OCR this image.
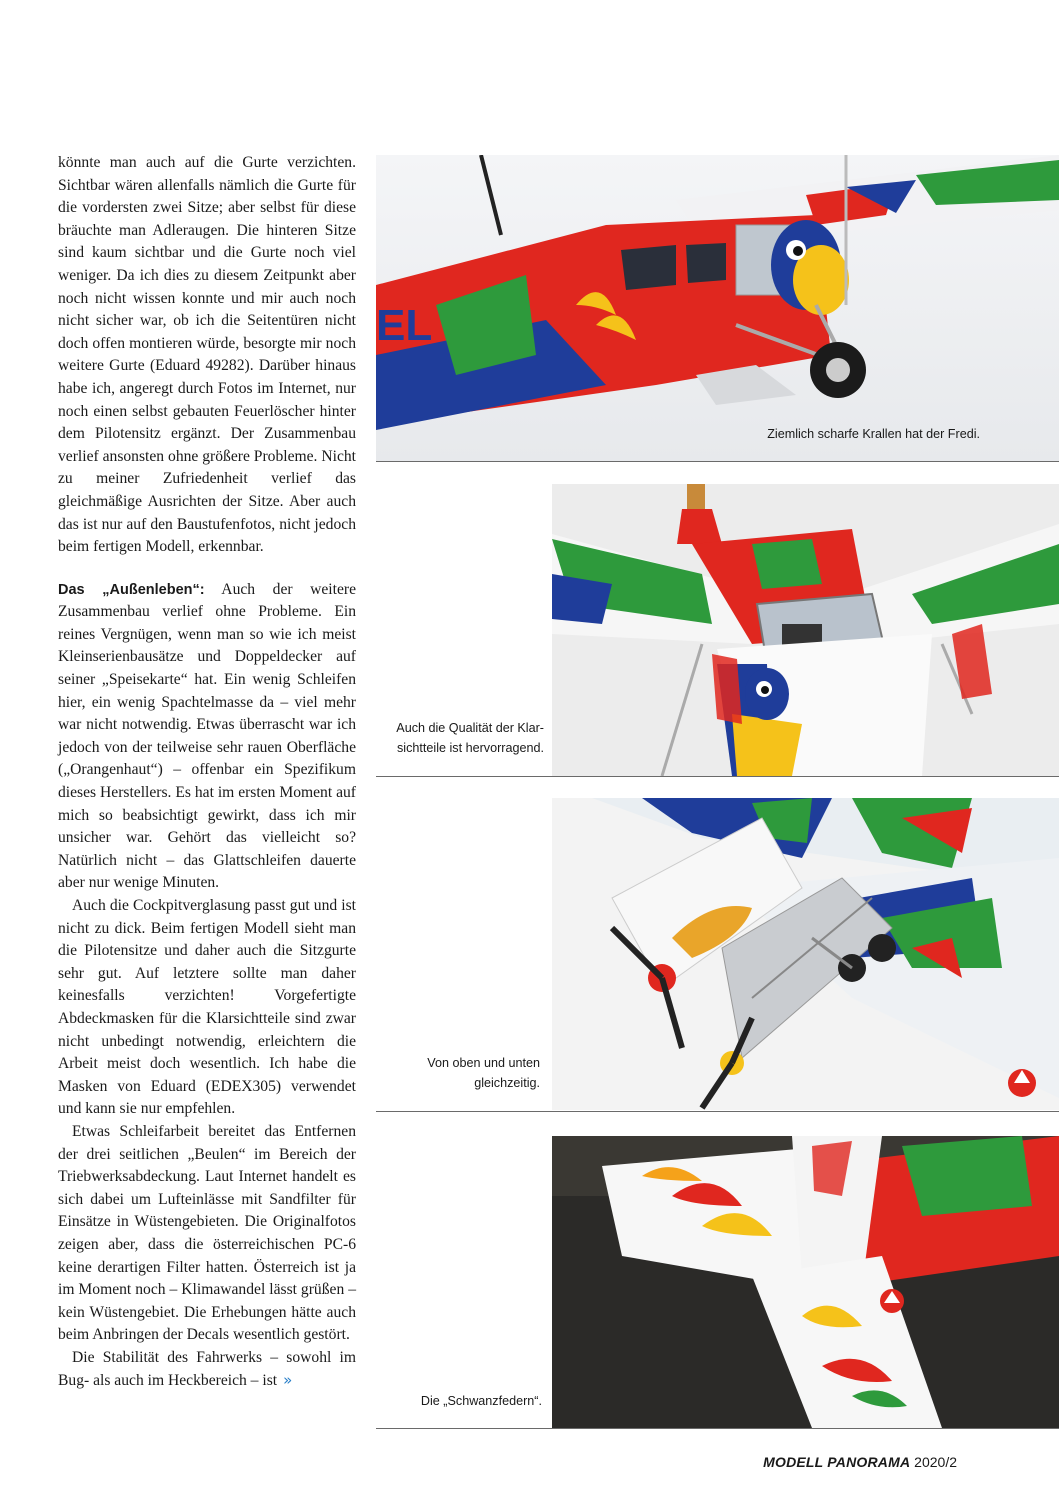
könnte man auch auf die Gurte verzichten. Sichtbar wären allenfalls nämlich die Gurte für die vordersten zwei Sitze; aber selbst für diese bräuchte man Adleraugen. Die hinteren Sitze sind kaum sichtbar und die Gurte noch viel weniger. Da ich dies zu diesem Zeitpunkt aber noch nicht wissen konnte und mir auch noch nicht sicher war, ob ich die Seitentüren nicht doch offen montieren würde, besorgte mir noch weitere Gurte (Eduard 49282). Darüber hinaus habe ich, angeregt durch Fotos im Internet, nur noch einen selbst gebauten Feuerlöscher hinter dem Pilotensitz ergänzt. Der Zusammenbau verlief ansonsten ohne größere Probleme. Nicht zu meiner Zufriedenheit verlief das gleichmäßige Ausrichten der Sitze. Aber auch das ist nur auf den Baustufenfotos, nicht jedoch beim fertigen Modell, erkennbar.

Das „Außenleben“: Auch der weitere Zusammenbau verlief ohne Probleme. Ein reines Vergnügen, wenn man so wie ich meist Kleinserienbausätze und Doppeldecker auf seiner „Speisekarte“ hat. Ein wenig Schleifen hier, ein wenig Spachtelmasse da – viel mehr war nicht notwendig. Etwas überrascht war ich jedoch von der teilweise sehr rauen Oberfläche („Orangenhaut“) – offenbar ein Spezifikum dieses Herstellers. Es hat im ersten Moment auf mich so beabsichtigt gewirkt, dass ich mir unsicher war. Gehört das vielleicht so? Natürlich nicht – das Glattschleifen dauerte aber nur wenige Minuten.

Auch die Cockpitverglasung passt gut und ist nicht zu dick. Beim fertigen Modell sieht man die Pilotensitze und daher auch die Sitzgurte sehr gut. Auf letztere sollte man daher keinesfalls verzichten! Vorgefertigte Abdeckmasken für die Klarsichtteile sind zwar nicht unbedingt notwendig, erleichtern die Arbeit meist doch wesentlich. Ich habe die Masken von Eduard (EDEX305) verwendet und kann sie nur empfehlen.

Etwas Schleifarbeit bereitet das Entfernen der drei seitlichen „Beulen“ im Bereich der Triebwerksabdeckung. Laut Internet handelt es sich dabei um Lufteinlässe mit Sandfilter für Einsätze in Wüstengebieten. Die Originalfotos zeigen aber, dass die österreichischen PC-6 keine derartigen Filter hatten. Österreich ist ja im Moment noch – Klimawandel lässt grüßen – kein Wüstengebiet. Die Erhebungen hätte auch beim Anbringen der Decals wesentlich gestört.

Die Stabilität des Fahrwerks – sowohl im Bug- als auch im Heckbereich – ist »

EL
Ziemlich scharfe Krallen hat der Fredi.
Auch die Qualität der Klar-
sichtteile ist hervorragend.
Von oben und unten
gleichzeitig.
Die „Schwanzfedern“.
MODELL PANORAMA 2020/2
